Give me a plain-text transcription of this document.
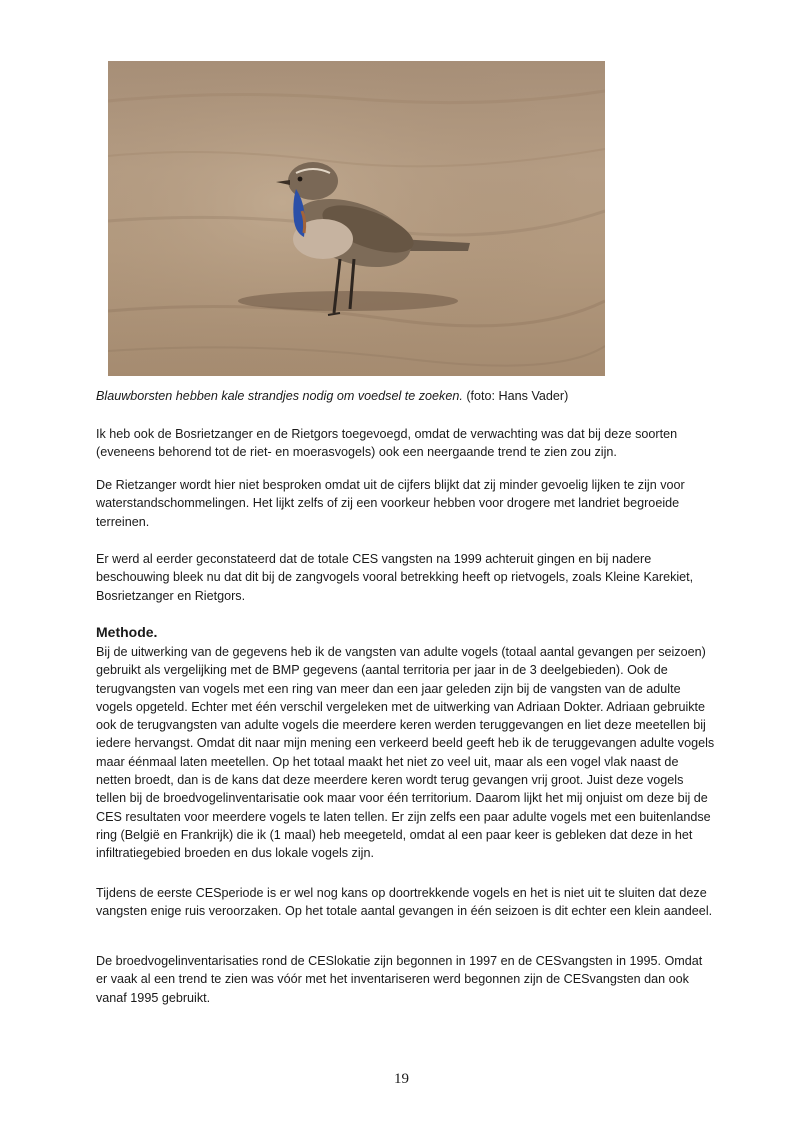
Blauwborsten hebben kale strandjes nodig om voedsel te zoeken. (foto: Hans Vader)

Ik heb ook de Bosrietzanger en de Rietgors toegevoegd, omdat de verwachting was dat bij deze soorten (eveneens behorend tot de riet- en moerasvogels) ook een neergaande trend te zien zou zijn.

De Rietzanger wordt hier niet besproken omdat uit de cijfers blijkt dat zij minder gevoelig lijken te zijn voor waterstandschommelingen. Het lijkt zelfs of zij een voorkeur hebben voor drogere met landriet begroeide terreinen.

Er werd al eerder geconstateerd dat de totale CES vangsten na 1999 achteruit gingen en bij nadere beschouwing bleek nu dat dit bij de zangvogels vooral betrekking heeft op rietvogels, zoals Kleine Karekiet, Bosrietzanger en Rietgors.

Methode.

Bij de uitwerking van de gegevens heb ik de vangsten van adulte vogels (totaal aantal gevangen per seizoen) gebruikt als vergelijking met de BMP gegevens (aantal territoria per jaar in de 3 deelgebieden). Ook de terugvangsten van vogels met een ring van meer dan een jaar geleden zijn bij de vangsten van de adulte vogels opgeteld. Echter met één verschil vergeleken met de uitwerking van Adriaan Dokter. Adriaan gebruikte ook de terugvangsten van adulte vogels die meerdere keren werden teruggevangen en liet deze meetellen bij iedere hervangst. Omdat dit naar mijn mening een verkeerd beeld geeft heb ik de teruggevangen adulte vogels maar éénmaal laten meetellen. Op het totaal maakt het niet zo veel uit, maar als een vogel vlak naast de netten broedt, dan is de kans dat deze meerdere keren wordt terug gevangen vrij groot. Juist deze vogels tellen bij de broedvogelinventarisatie ook maar voor één territorium. Daarom lijkt het mij onjuist om deze bij de CES resultaten voor meerdere vogels te laten tellen. Er zijn zelfs een paar adulte vogels met een buitenlandse ring (België en Frankrijk) die ik (1 maal) heb meegeteld, omdat al een paar keer is gebleken dat deze in het infiltratiegebied broeden en dus lokale vogels zijn.

Tijdens de eerste CESperiode is er wel nog kans op doortrekkende vogels en het is niet uit te sluiten dat deze vangsten enige ruis veroorzaken. Op het totale aantal gevangen in één seizoen is dit echter een klein aandeel.

De broedvogelinventarisaties rond de CESlokatie zijn begonnen in 1997 en de CESvangsten in 1995. Omdat er vaak al een trend te zien was vóór met het inventariseren werd begonnen zijn de CESvangsten dan ook vanaf 1995 gebruikt.

19
